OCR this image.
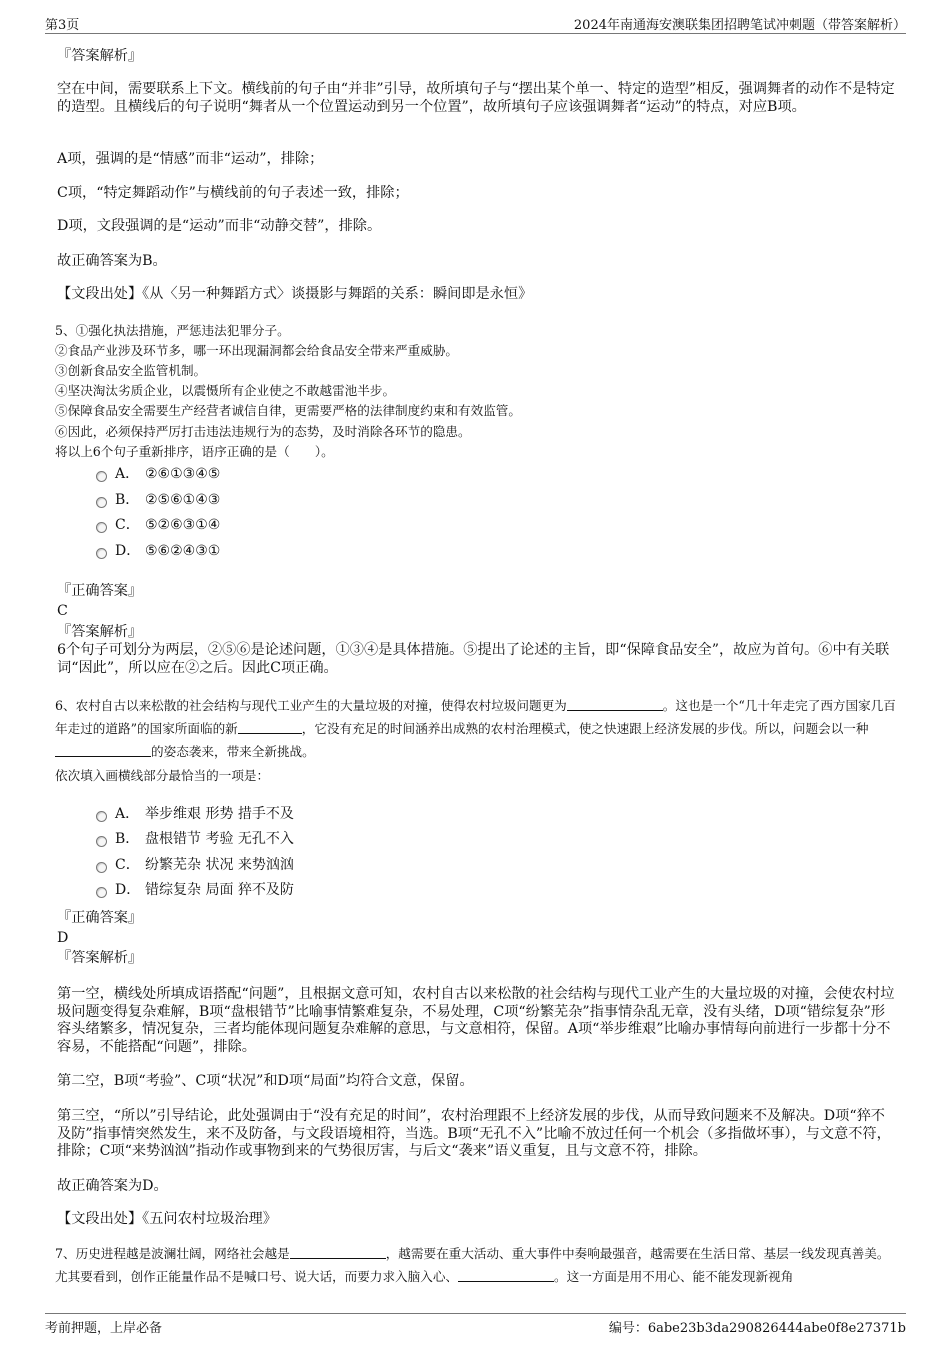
第3页	2024年南通海安澳联集团招聘笔试冲刺题（带答案解析）
『答案解析』
空在中间，需要联系上下文。横线前的句子由“并非”引导，故所填句子与“摆出某个单一、特定的造型”相反，强调舞者的动作不是特定的造型。且横线后的句子说明“舞者从一个位置运动到另一个位置”，故所填句子应该强调舞者“运动”的特点，对应B项。
A项，强调的是“情感”而非“运动”，排除；
C项，“特定舞蹈动作”与横线前的句子表述一致，排除；
D项，文段强调的是“运动”而非“动静交替”，排除。
故正确答案为B。
【文段出处】《从〈另一种舞蹈方式〉谈摄影与舞蹈的关系：瞬间即是永恒》
5、①强化执法措施，严惩违法犯罪分子。
②食品产业涉及环节多，哪一环出现漏洞都会给食品安全带来严重威胁。
③创新食品安全监管机制。
④坚决淘汰劣质企业，以震慑所有企业使之不敢越雷池半步。
⑤保障食品安全需要生产经营者诚信自律，更需要严格的法律制度约束和有效监管。
⑥因此，必须保持严厉打击违法违规行为的态势，及时消除各环节的隐患。
将以上6个句子重新排序，语序正确的是（　　）。
A． ②⑥①③④⑤
B． ②⑤⑥①④③
C． ⑤②⑥③①④
D． ⑤⑥②④③①
『正确答案』
C
『答案解析』
6个句子可划分为两层，②⑤⑥是论述问题，①③④是具体措施。⑤提出了论述的主旨，即“保障食品安全”，故应为首句。⑥中有关联词“因此”，所以应在②之后。因此C项正确。
6、农村自古以来松散的社会结构与现代工业产生的大量垃圾的对撞，使得农村垃圾问题更为	。这也是一个“几十年走完了西方国家几百年走过的道路”的国家所面临的新	，它没有充足的时间涵养出成熟的农村治理模式，使之快速跟上经济发展的步伐。所以，问题会以一种的姿态袭来，带来全新挑战。
依次填入画横线部分最恰当的一项是：
A． 举步维艰 形势 措手不及
B． 盘根错节 考验 无孔不入
C． 纷繁芜杂 状况 来势汹汹
D． 错综复杂 局面 猝不及防
『正确答案』
D
『答案解析』
第一空，横线处所填成语搭配“问题”，且根据文意可知，农村自古以来松散的社会结构与现代工业产生的大量垃圾的对撞，会使农村垃圾问题变得复杂难解，B项“盘根错节”比喻事情繁难复杂，不易处理，C项“纷繁芜杂”指事情杂乱无章，没有头绪，D项“错综复杂”形容头绪繁多，情况复杂，三者均能体现问题复杂难解的意思，与文意相符，保留。A项“举步维艰”比喻办事情每向前进行一步都十分不容易，不能搭配“问题”，排除。
第二空，B项“考验”、C项“状况”和D项“局面”均符合文意，保留。
第三空，“所以”引导结论，此处强调由于“没有充足的时间”，农村治理跟不上经济发展的步伐，从而导致问题来不及解决。D项“猝不及防”指事情突然发生，来不及防备，与文段语境相符，当选。B项“无孔不入”比喻不放过任何一个机会（多指做坏事），与文意不符，排除；C项“来势汹汹”指动作或事物到来的气势很厉害，与后文“袭来”语义重复，且与文意不符，排除。
故正确答案为D。
【文段出处】《五问农村垃圾治理》
7、历史进程越是波澜壮阔，网络社会越是	，越需要在重大活动、重大事件中奏响最强音，越需要在生活日常、基层一线发现真善美。尤其要看到，创作正能量作品不是喊口号、说大话，而要力求入脑入心、	。这一方面是用不用心、能不能发现新视角
考前押题，上岸必备	编号：6abe23b3da290826444abe0f8e27371b
